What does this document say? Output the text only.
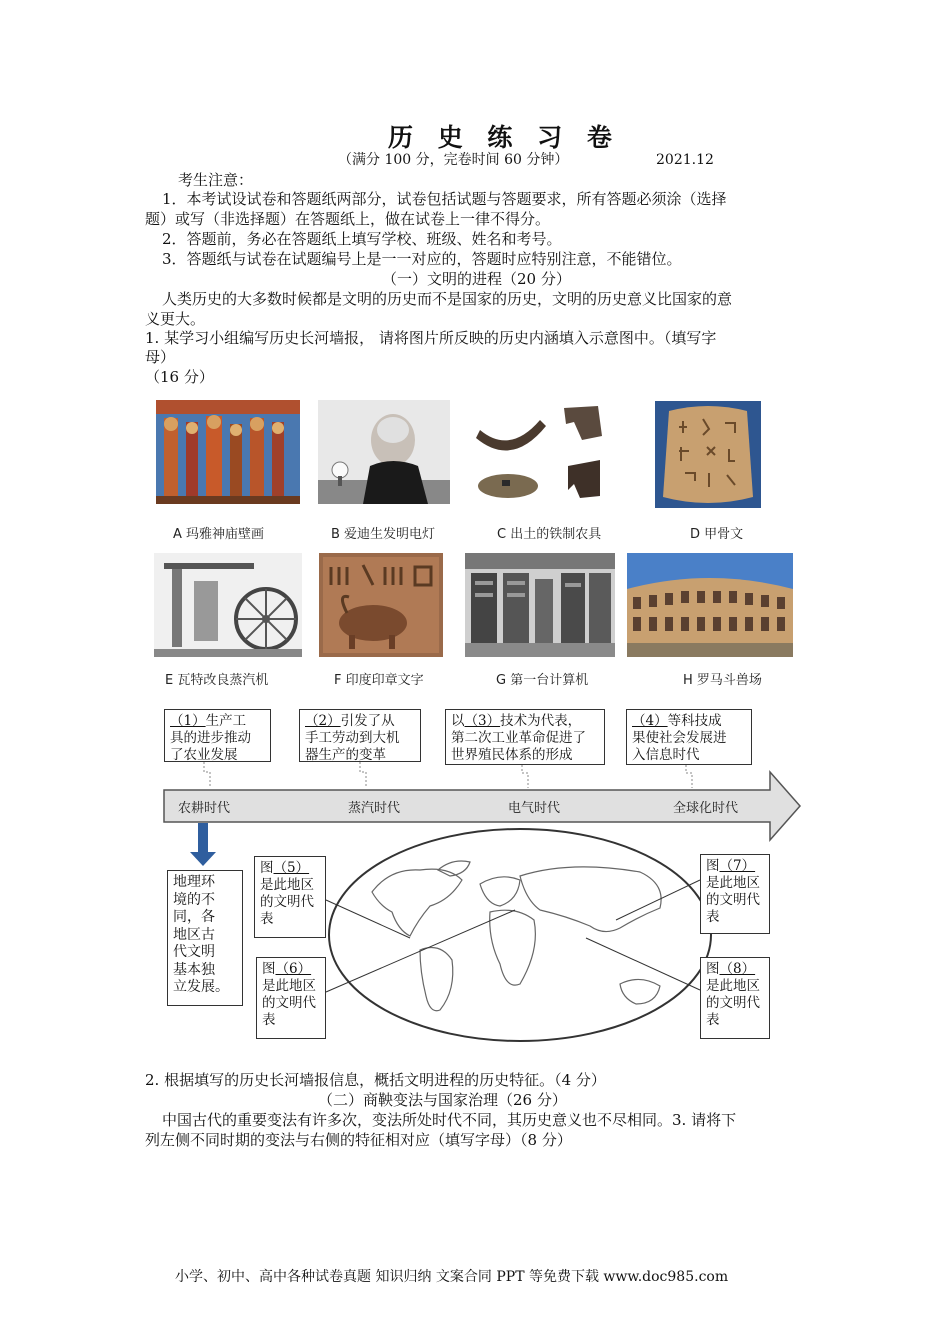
历 史 练 习 卷
（满分 100 分，完卷时间 60 分钟）	2021.12
考生注意：
1．本考试设试卷和答题纸两部分，试卷包括试题与答题要求，所有答题必须涂（选择
题）或写（非选择题）在答题纸上，做在试卷上一律不得分。
2．答题前，务必在答题纸上填写学校、班级、姓名和考号。
3．答题纸与试卷在试题编号上是一一对应的，答题时应特别注意，不能错位。
（一）文明的进程（20 分）
人类历史的大多数时候都是文明的历史而不是国家的历史，文明的历史意义比国家的意
义更大。
1. 某学习小组编写历史长河墙报， 请将图片所反映的历史内涵填入示意图中。（填写字
母）
（16 分）
A 玛雅神庙壁画	B 爱迪生发明电灯	C 出土的铁制农具	D 甲骨文
E 瓦特改良蒸汽机	F 印度印章文字	G 第一台计算机	H 罗马斗兽场
（1）生产工
具的进步推动
了农业发展
（2）引发了从
手工劳动到大机
器生产的变革
以（3）技术为代表，
第二次工业革命促进了
世界殖民体系的形成
（4）等科技成
果使社会发展进
入信息时代
农耕时代	蒸汽时代	电气时代	全球化时代
地理环
境的不
同，各
地区古
代文明
基本独
立发展。
图（5）
是此地区
的文明代
表
图（6）
是此地区
的文明代
表
图（7）
是此地区
的文明代
表
图（8）
是此地区
的文明代
表
2. 根据填写的历史长河墙报信息，概括文明进程的历史特征。（4 分）
（二）商鞅变法与国家治理（26 分）
中国古代的重要变法有许多次，变法所处时代不同，其历史意义也不尽相同。3. 请将下
列左侧不同时期的变法与右侧的特征相对应（填写字母）（8 分）
小学、初中、高中各种试卷真题 知识归纳 文案合同 PPT 等免费下载 www.doc985.com
